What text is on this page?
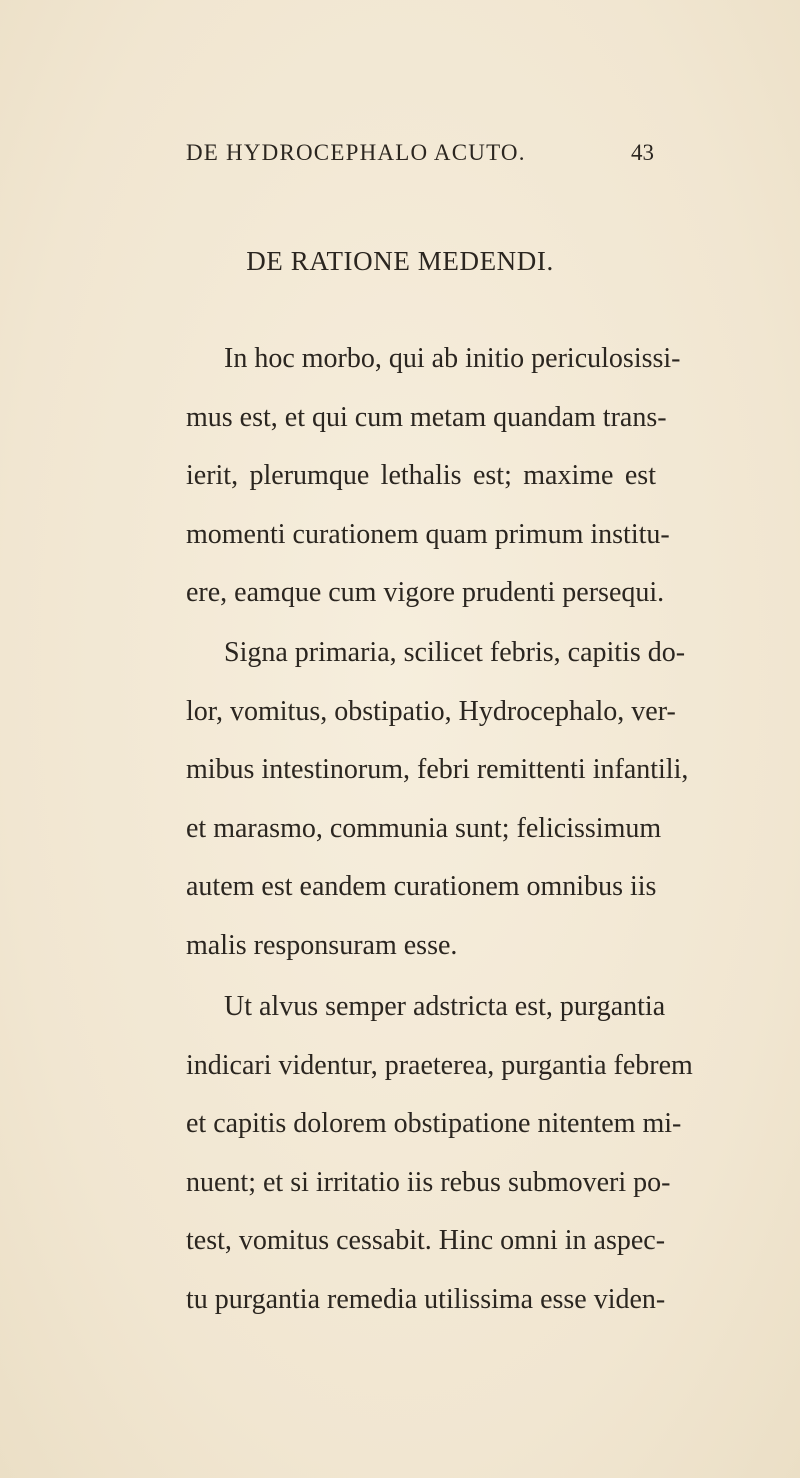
DE HYDROCEPHALO ACUTO.	43
DE RATIONE MEDENDI.

In hoc morbo, qui ab initio periculosissi-
mus est, et qui cum metam quandam trans-
ierit, plerumque lethalis est; maxime est
momenti curationem quam primum institu-
ere, eamque cum vigore prudenti persequi.

Signa primaria, scilicet febris, capitis do-
lor, vomitus, obstipatio, Hydrocephalo, ver-
mibus intestinorum, febri remittenti infantili,
et marasmo, communia sunt; felicissimum
autem est eandem curationem omnibus iis
malis responsuram esse.

Ut alvus semper adstricta est, purgantia
indicari videntur, praeterea, purgantia febrem
et capitis dolorem obstipatione nitentem mi-
nuent; et si irritatio iis rebus submoveri po-
test, vomitus cessabit. Hinc omni in aspec-
tu purgantia remedia utilissima esse viden-
